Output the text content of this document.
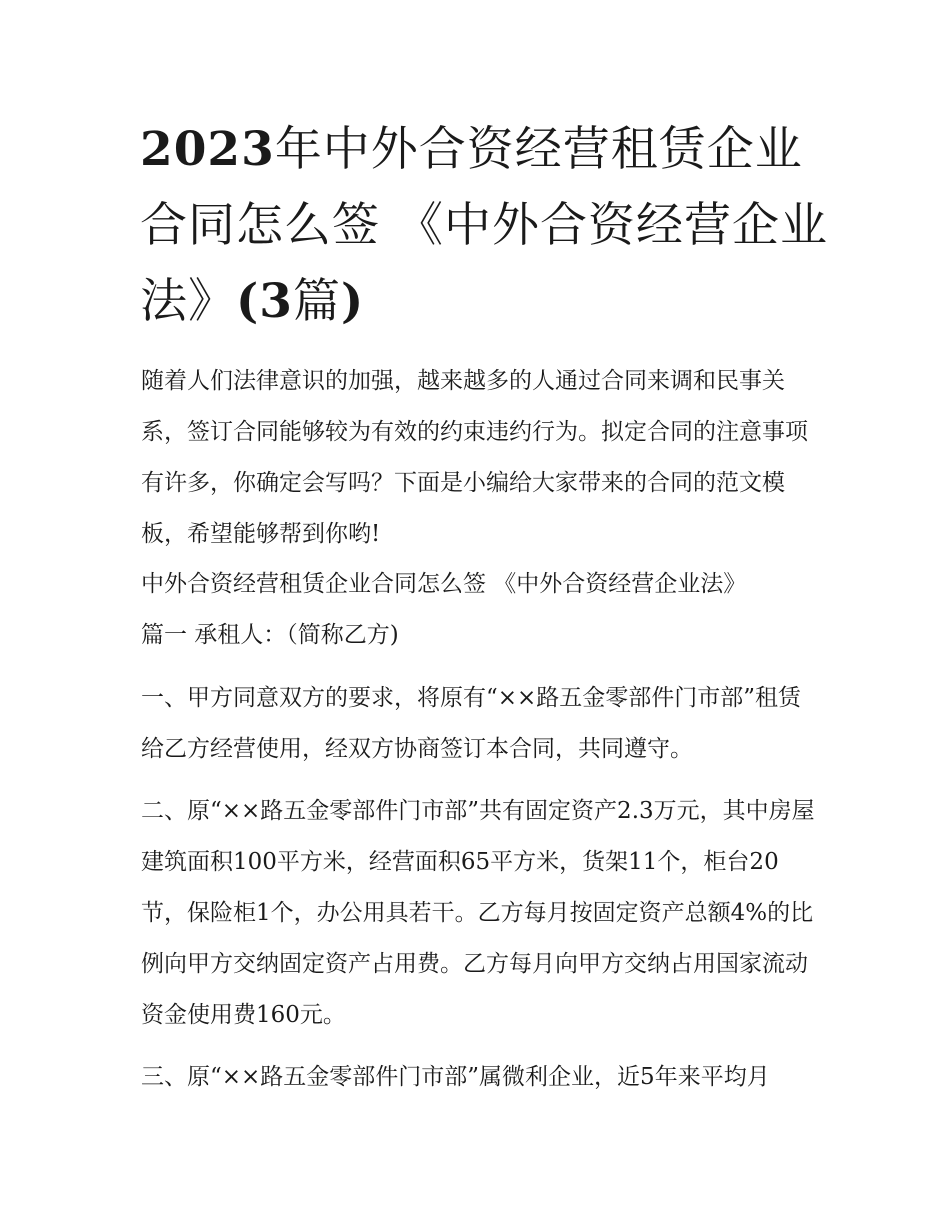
2023年中外合资经营租赁企业合同怎么签 《中外合资经营企业法》(3篇)

随着人们法律意识的加强，越来越多的人通过合同来调和民事关系，签订合同能够较为有效的约束违约行为。拟定合同的注意事项有许多，你确定会写吗？下面是小编给大家带来的合同的范文模板，希望能够帮到你哟!

中外合资经营租赁企业合同怎么签 《中外合资经营企业法》

篇一 承租人：（简称乙方)

一、甲方同意双方的要求，将原有“××路五金零部件门市部”租赁给乙方经营使用，经双方协商签订本合同，共同遵守。

二、原“××路五金零部件门市部”共有固定资产2.3万元，其中房屋建筑面积100平方米，经营面积65平方米，货架11个，柜台20节，保险柜1个，办公用具若干。乙方每月按固定资产总额4%的比例向甲方交纳固定资产占用费。乙方每月向甲方交纳占用国家流动资金使用费160元。

三、原“××路五金零部件门市部”属微利企业，近5年来平均月
